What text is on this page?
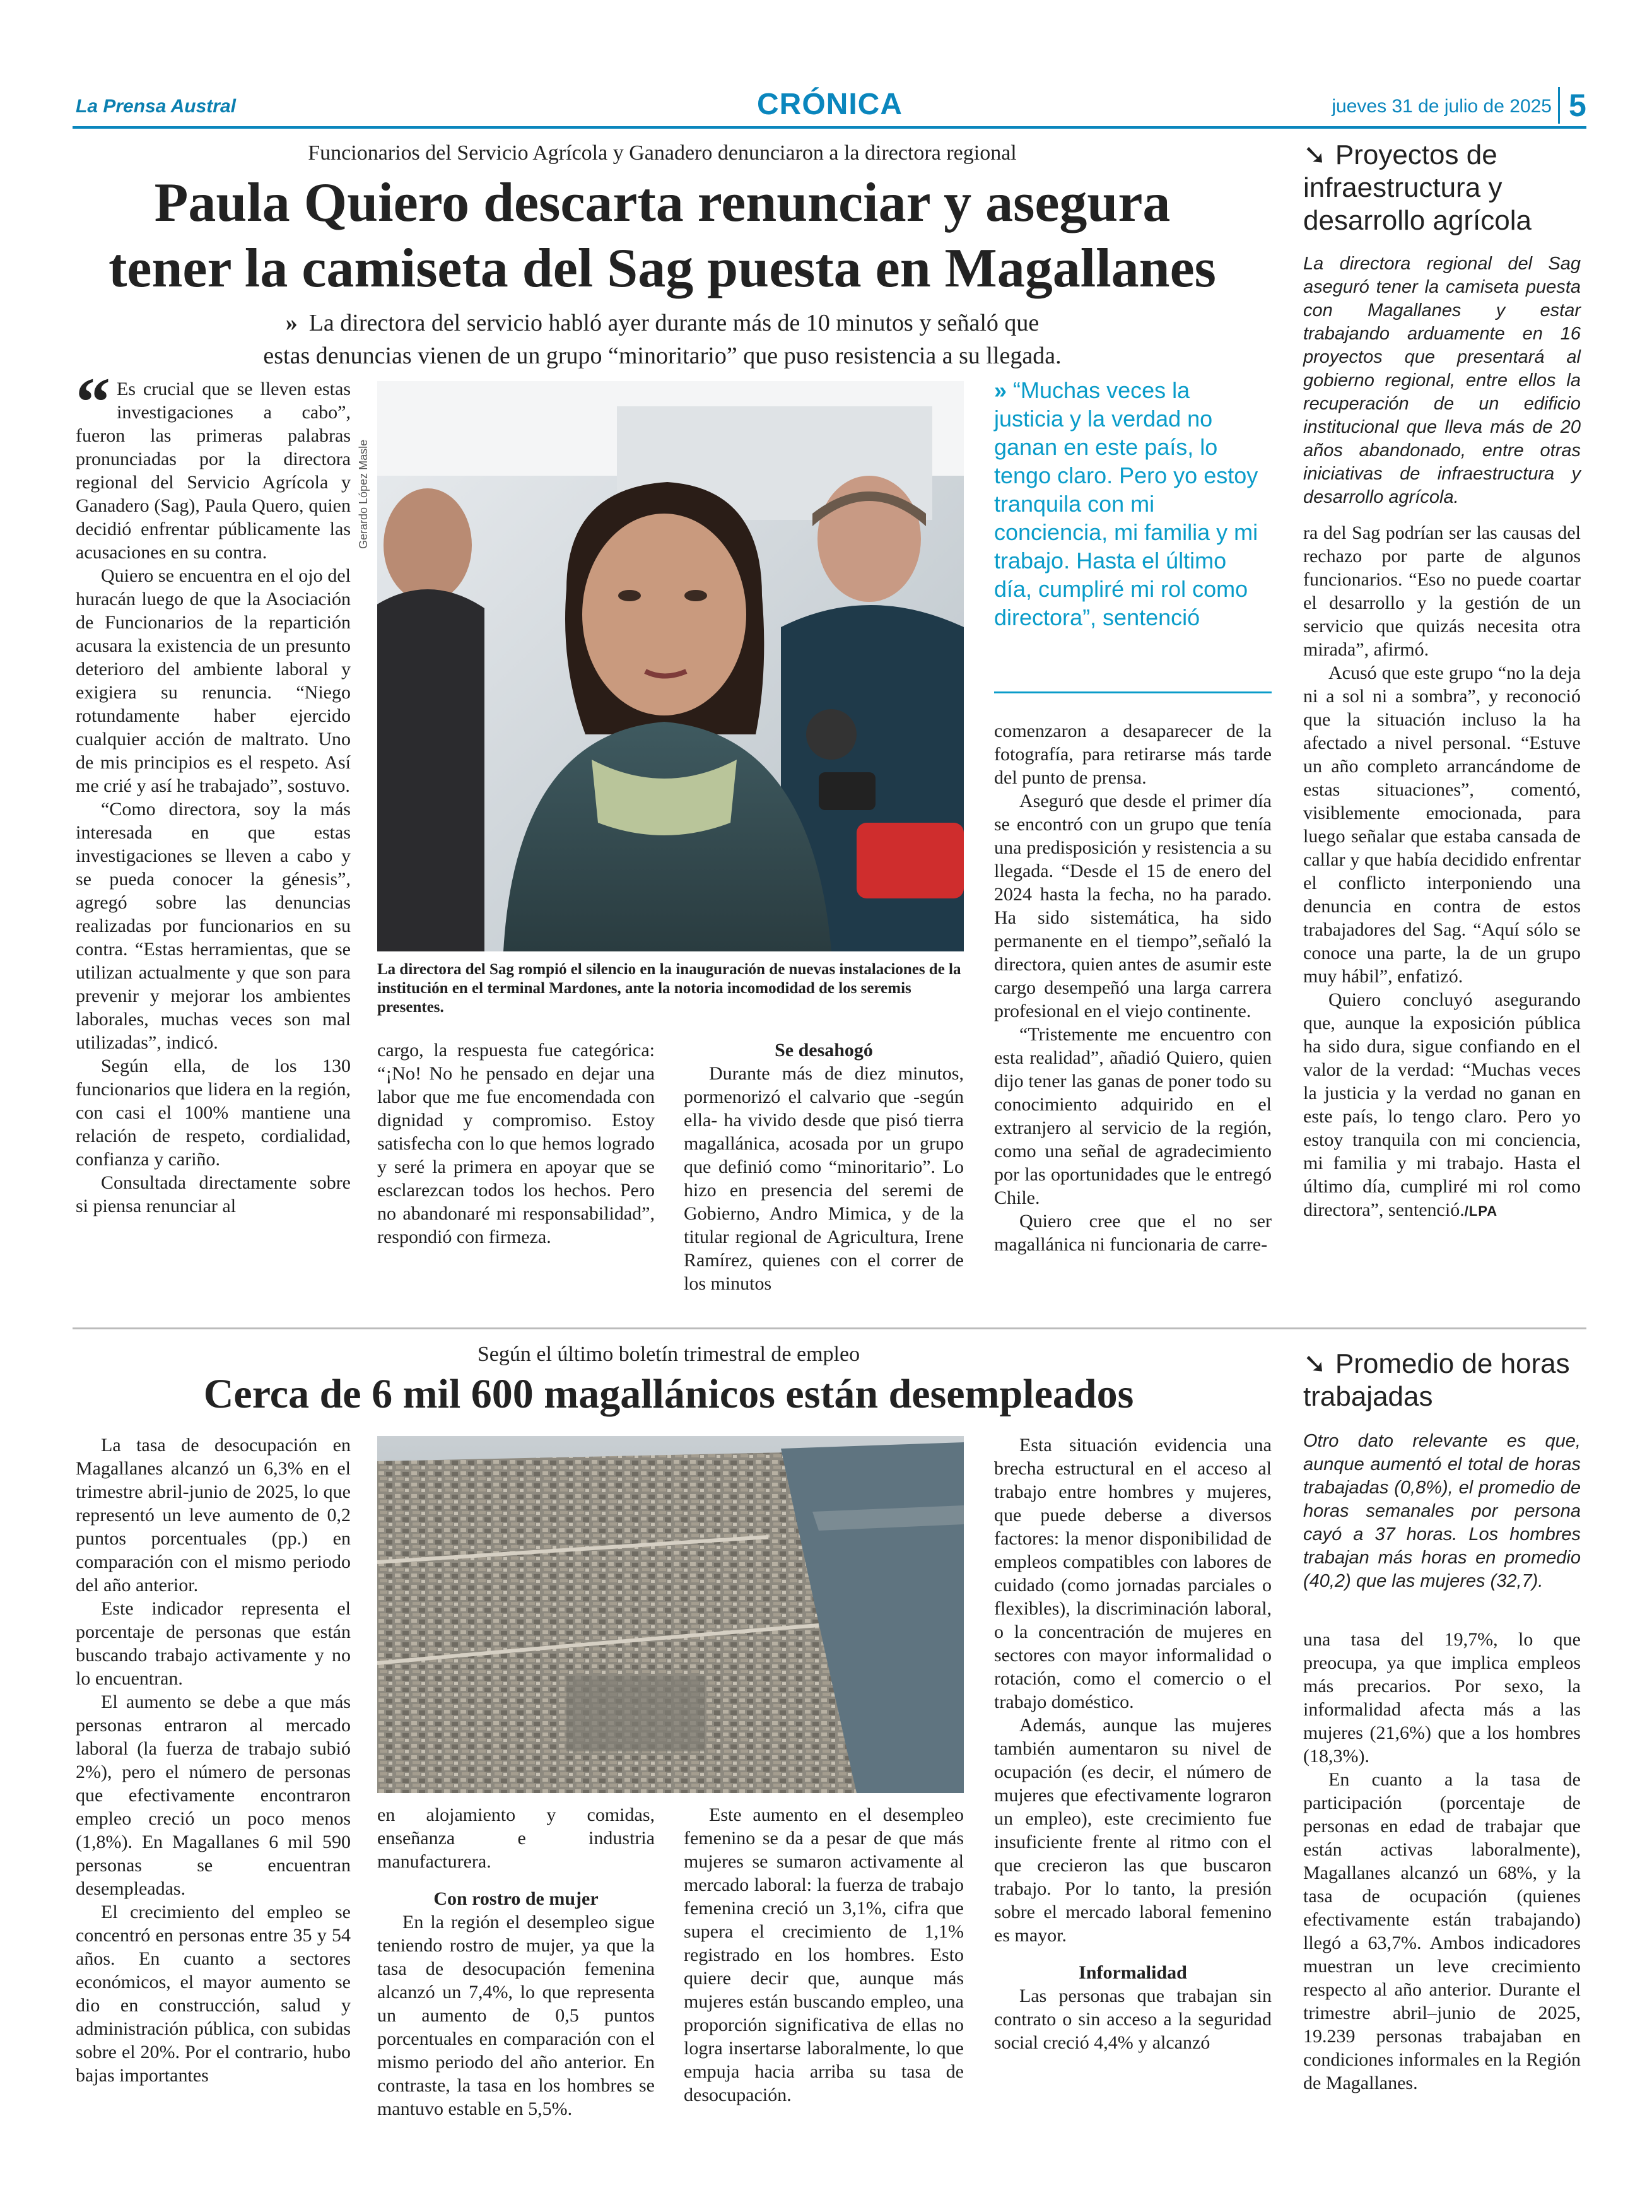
La Prensa Austral	CRÓNICA	jueves 31 de julio de 2025 5
Funcionarios del Servicio Agrícola y Ganadero denunciaron a la directora regional
Paula Quiero descarta renunciar y asegura
tener la camiseta del Sag puesta en Magallanes
» La directora del servicio habló ayer durante más de 10 minutos y señaló que
estas denuncias vienen de un grupo “minoritario” que puso resistencia a su llegada.

“ Es crucial que se lleven estas investigaciones a cabo”, fueron las primeras palabras pronunciadas por la directora regional del Servicio Agrícola y Ganadero (Sag), Paula Quero, quien decidió enfrentar públicamente las acusaciones en su contra.

Quiero se encuentra en el ojo del huracán luego de que la Asociación de Funcionarios de la repartición acusara la existencia de un presunto deterioro del ambiente laboral y exigiera su renuncia. “Niego rotundamente haber ejercido cualquier acción de maltrato. Uno de mis principios es el respeto. Así me crié y así he trabajado”, sostuvo.

“Como directora, soy la más interesada en que estas investigaciones se lleven a cabo y se pueda conocer la génesis”, agregó sobre las denuncias realizadas por funcionarios en su contra. “Estas herramientas, que se utilizan actualmente y que son para prevenir y mejorar los ambientes laborales, muchas veces son mal utilizadas”, indicó.

Según ella, de los 130 funcionarios que lidera en la región, con casi el 100% mantiene una relación de respeto, cordialidad, confianza y cariño.

Consultada directamente sobre si piensa renunciar al

Gerardo López Masle
La directora del Sag rompió el silencio en la inauguración de nuevas instalaciones de la institución en el terminal Mardones, ante la notoria incomodidad de los seremis presentes.
» “Muchas veces la justicia y la verdad no ganan en este país, lo tengo claro. Pero yo estoy tranquila con mi conciencia, mi familia y mi trabajo. Hasta el último día, cumpliré mi rol como directora”, sentenció

cargo, la respuesta fue categórica: “¡No! No he pensado en dejar una labor que me fue encomendada con dignidad y compromiso. Estoy satisfecha con lo que hemos logrado y seré la primera en apoyar que se esclarezcan todos los hechos. Pero no abandonaré mi responsabilidad”, respondió con firmeza.

Se desahogó

Durante más de diez minutos, pormenorizó el calvario que -según ella- ha vivido desde que pisó tierra magallánica, acosada por un grupo que definió como “minoritario”. Lo hizo en presencia del seremi de Gobierno, Andro Mimica, y de la titular regional de Agricultura, Irene Ramírez, quienes con el correr de los minutos

comenzaron a desaparecer de la fotografía, para retirarse más tarde del punto de prensa.

Aseguró que desde el primer día se encontró con un grupo que tenía una predisposición y resistencia a su llegada. “Desde el 15 de enero del 2024 hasta la fecha, no ha parado. Ha sido sistemática, ha sido permanente en el tiempo”,señaló la directora, quien antes de asumir este cargo desempeñó una larga carrera profesional en el viejo continente.

“Tristemente me encuentro con esta realidad”, añadió Quiero, quien dijo tener las ganas de poner todo su conocimiento adquirido en el extranjero al servicio de la región, como una señal de agradecimiento por las oportunidades que le entregó Chile.

Quiero cree que el no ser magallánica ni funcionaria de carre-

➘ Proyectos de infraestructura y desarrollo agrícola
La directora regional del Sag aseguró tener la camiseta puesta con Magallanes y estar trabajando arduamente en 16 proyectos que presentará al gobierno regional, entre ellos la recuperación de un edificio institucional que lleva más de 20 años abandonado, entre otras iniciativas de infraestructura y desarrollo agrícola.

ra del Sag podrían ser las causas del rechazo por parte de algunos funcionarios. “Eso no puede coartar el desarrollo y la gestión de un servicio que quizás necesita otra mirada”, afirmó.

Acusó que este grupo “no la deja ni a sol ni a sombra”, y reconoció que la situación incluso la ha afectado a nivel personal. “Estuve un año completo arrancándome de estas situaciones”, comentó, visiblemente emocionada, para luego señalar que estaba cansada de callar y que había decidido enfrentar el conflicto interponiendo una denuncia en contra de estos trabajadores del Sag. “Aquí sólo se conoce una parte, la de un grupo muy hábil”, enfatizó.

Quiero concluyó asegurando que, aunque la exposición pública ha sido dura, sigue confiando en el valor de la verdad: “Muchas veces la justicia y la verdad no ganan en este país, lo tengo claro. Pero yo estoy tranquila con mi conciencia, mi familia y mi trabajo. Hasta el último día, cumpliré mi rol como directora”, sentenció./LPA

Según el último boletín trimestral de empleo
Cerca de 6 mil 600 magallánicos están desempleados

La tasa de desocupación en Magallanes alcanzó un 6,3% en el trimestre abril-junio de 2025, lo que representó un leve aumento de 0,2 puntos porcentuales (pp.) en comparación con el mismo periodo del año anterior.

Este indicador representa el porcentaje de personas que están buscando trabajo activamente y no lo encuentran.

El aumento se debe a que más personas entraron al mercado laboral (la fuerza de trabajo subió 2%), pero el número de personas que efectivamente encontraron empleo creció un poco menos (1,8%). En Magallanes 6 mil 590 personas se encuentran desempleadas.

El crecimiento del empleo se concentró en personas entre 35 y 54 años. En cuanto a sectores económicos, el mayor aumento se dio en construcción, salud y administración pública, con subidas sobre el 20%. Por el contrario, hubo bajas importantes

en alojamiento y comidas, enseñanza e industria manufacturera.

Con rostro de mujer

En la región el desempleo sigue teniendo rostro de mujer, ya que la tasa de desocupación femenina alcanzó un 7,4%, lo que representa un aumento de 0,5 puntos porcentuales en comparación con el mismo periodo del año anterior. En contraste, la tasa en los hombres se mantuvo estable en 5,5%.

Este aumento en el desempleo femenino se da a pesar de que más mujeres se sumaron activamente al mercado laboral: la fuerza de trabajo femenina creció un 3,1%, cifra que supera el crecimiento de 1,1% registrado en los hombres. Esto quiere decir que, aunque más mujeres están buscando empleo, una proporción significativa de ellas no logra insertarse laboralmente, lo que empuja hacia arriba su tasa de desocupación.

Esta situación evidencia una brecha estructural en el acceso al trabajo entre hombres y mujeres, que puede deberse a diversos factores: la menor disponibilidad de empleos compatibles con labores de cuidado (como jornadas parciales o flexibles), la discriminación laboral, o la concentración de mujeres en sectores con mayor informalidad o rotación, como el comercio o el trabajo doméstico.

Además, aunque las mujeres también aumentaron su nivel de ocupación (es decir, el número de mujeres que efectivamente lograron un empleo), este crecimiento fue insuficiente frente al ritmo con el que crecieron las que buscaron trabajo. Por lo tanto, la presión sobre el mercado laboral femenino es mayor.

Informalidad

Las personas que trabajan sin contrato o sin acceso a la seguridad social creció 4,4% y alcanzó

➘ Promedio de horas trabajadas
Otro dato relevante es que, aunque aumentó el total de horas trabajadas (0,8%), el promedio de horas semanales por persona cayó a 37 horas. Los hombres trabajan más horas en promedio (40,2) que las mujeres (32,7).

una tasa del 19,7%, lo que preocupa, ya que implica empleos más precarios. Por sexo, la informalidad afecta más a las mujeres (21,6%) que a los hombres (18,3%).

En cuanto a la tasa de participación (porcentaje de personas en edad de trabajar que están activas laboralmente), Magallanes alcanzó un 68%, y la tasa de ocupación (quienes efectivamente están trabajando) llegó a 63,7%. Ambos indicadores muestran un leve crecimiento respecto al año anterior. Durante el trimestre abril–junio de 2025, 19.239 personas trabajaban en condiciones informales en la Región de Magallanes.
